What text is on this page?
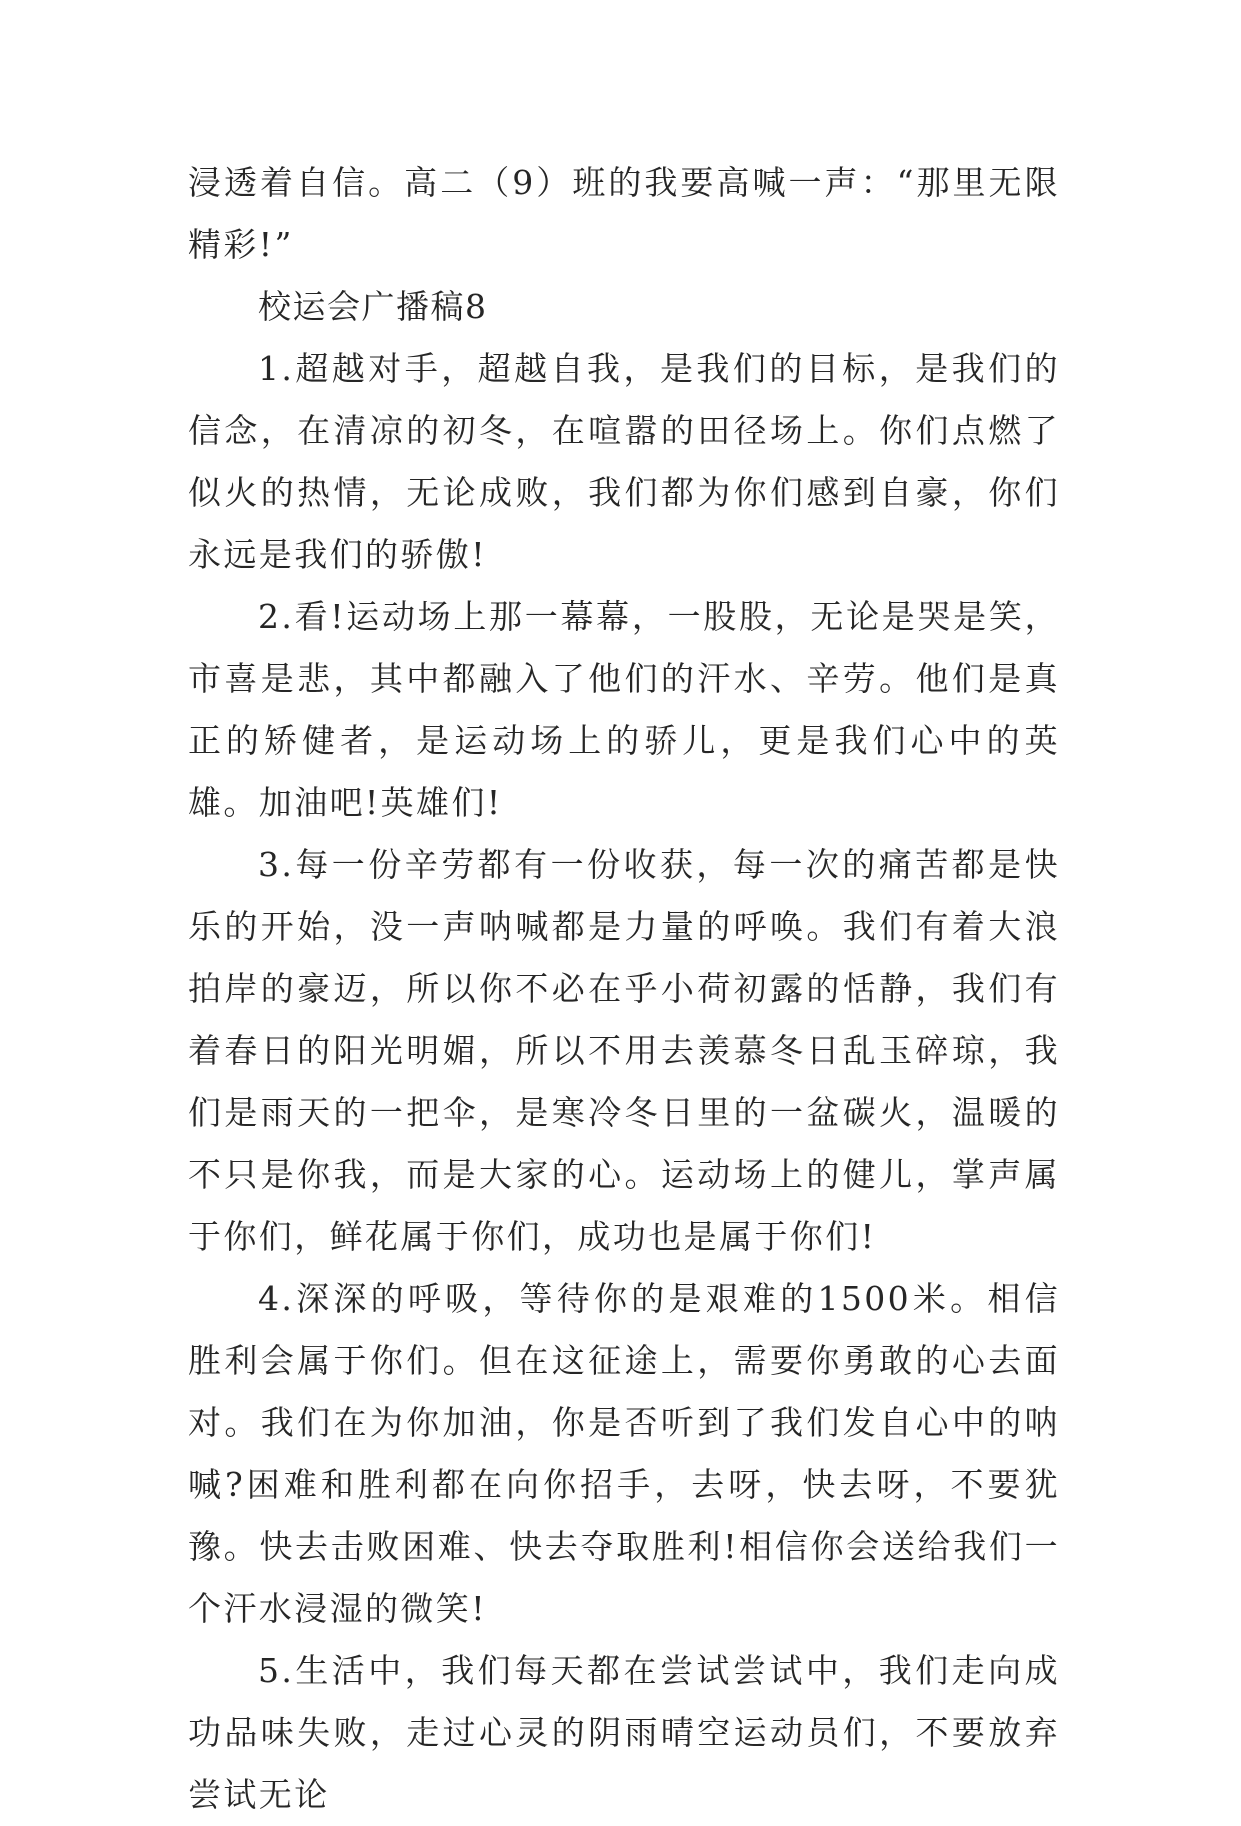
浸透着自信。高二（9）班的我要高喊一声：“那里无限精彩!”

校运会广播稿8

1.超越对手，超越自我，是我们的目标，是我们的信念，在清凉的初冬，在喧嚣的田径场上。你们点燃了似火的热情，无论成败，我们都为你们感到自豪，你们永远是我们的骄傲!

2.看!运动场上那一幕幕，一股股，无论是哭是笑，市喜是悲，其中都融入了他们的汗水、辛劳。他们是真正的矫健者，是运动场上的骄儿，更是我们心中的英雄。加油吧!英雄们!

3.每一份辛劳都有一份收获，每一次的痛苦都是快乐的开始，没一声呐喊都是力量的呼唤。我们有着大浪拍岸的豪迈，所以你不必在乎小荷初露的恬静，我们有着春日的阳光明媚，所以不用去羡慕冬日乱玉碎琼，我们是雨天的一把伞，是寒冷冬日里的一盆碳火，温暖的不只是你我，而是大家的心。运动场上的健儿，掌声属于你们，鲜花属于你们，成功也是属于你们!

4.深深的呼吸，等待你的是艰难的1500米。相信胜利会属于你们。但在这征途上，需要你勇敢的心去面对。我们在为你加油，你是否听到了我们发自心中的呐喊?困难和胜利都在向你招手，去呀，快去呀，不要犹豫。快去击败困难、快去夺取胜利!相信你会送给我们一个汗水浸湿的微笑!

5.生活中，我们每天都在尝试尝试中，我们走向成功品味失败，走过心灵的阴雨晴空运动员们，不要放弃尝试无论
